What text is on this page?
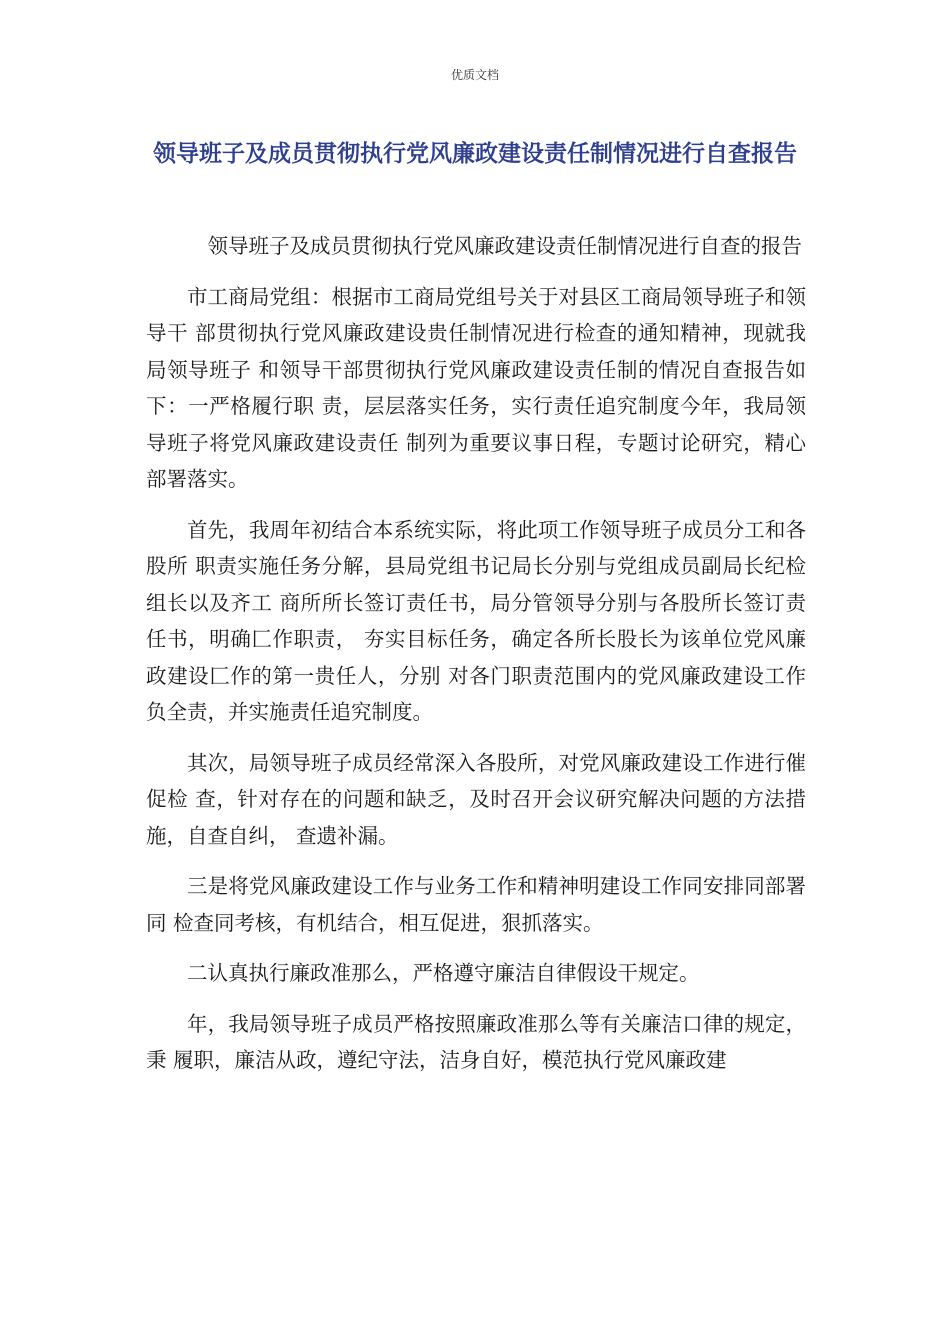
优质文档
领导班子及成员贯彻执行党风廉政建设责任制情况进行自查报告

领导班子及成员贯彻执行党风廉政建设责任制情况进行自查的报告

市工商局党组：根据市工商局党组号关于对县区工商局领导班子和领导干 部贯彻执行党风廉政建设贵任制情况进行检查的通知精神，现就我局领导班子 和领导干部贯彻执行党风廉政建设责任制的情况自查报告如下：一严格履行职 责，层层落实任务，实行责任追究制度今年，我局领导班子将党风廉政建设责任 制列为重要议事日程，专题讨论研究，精心部署落实。

首先，我周年初结合本系统实际，将此项工作领导班子成员分工和各股所 职责实施任务分解，县局党组书记局长分别与党组成员副局长纪检组长以及齐工 商所所长签订责任书，局分管领导分别与各股所长签订责任书，明确匚作职责， 夯实目标任务，确定各所长股长为该单位党风廉政建设匚作的第一贵任人，分别 对各门职责范围内的党风廉政建设工作负全责，并实施责任追究制度。

其次，局领导班子成员经常深入各股所，对党风廉政建设工作进行催促检 查，针对存在的问题和缺乏，及时召开会议研究解决问题的方法措施，自查自纠， 查遗补漏。

三是将党风廉政建设工作与业务工作和精神明建设工作同安排同部署同 检查同考核，有机结合，相互促进，狠抓落实。

二认真执行廉政准那么，严格遵守廉洁自律假设干规定。

年，我局领导班子成员严格按照廉政准那么等有关廉洁口律的规定，秉 履职，廉洁从政，遵纪守法，洁身自好，模范执行党风廉政建
